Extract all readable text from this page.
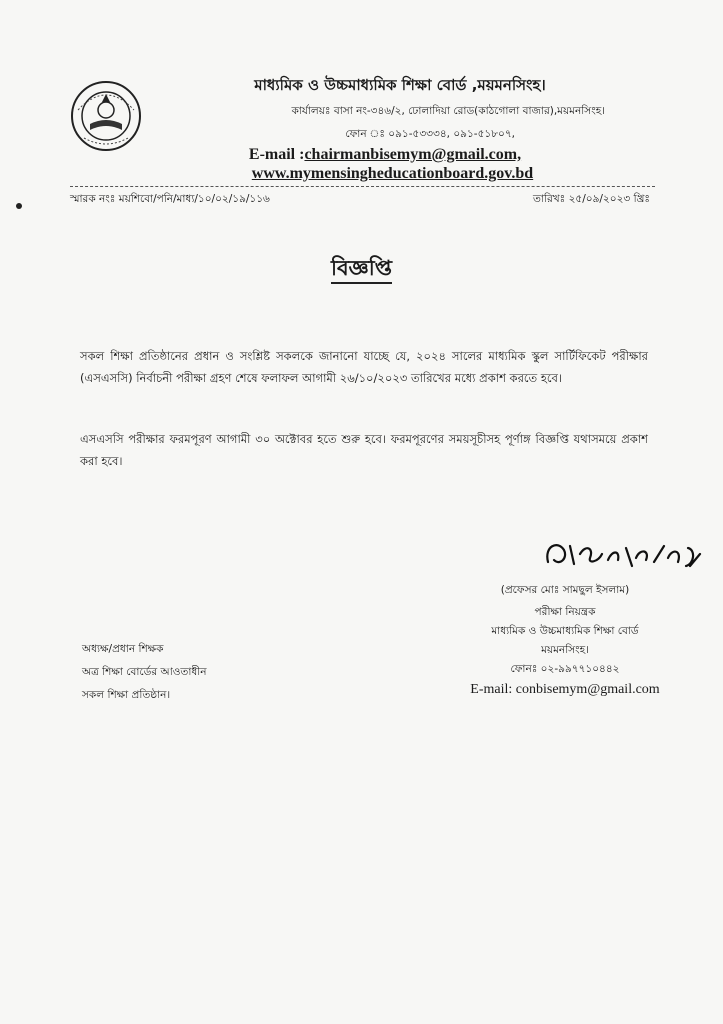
মাধ্যমিক ও উচ্চমাধ্যমিক শিক্ষা বোর্ড ,ময়মনসিংহ।
কার্যালয়ঃ বাসা নং-৩৪৬/২, ঢোলাদিয়া রোড(কাঠগোলা বাজার),ময়মনসিংহ।
ফোন ঃ ০৯১-৫৩৩৩৪, ০৯১-৫১৮০৭,
E-mail :chairmanbisemym@gmail.com,
www.mymensingheducationboard.gov.bd
স্মারক নংঃ ময়শিবো/পনি/মাধ্য/১০/০২/১৯/১১৬	তারিখঃ ২৫/০৯/২০২৩ খ্রিঃ
বিজ্ঞপ্তি
সকল শিক্ষা প্রতিষ্ঠানের প্রধান ও সংশ্লিষ্ট সকলকে জানানো যাচ্ছে যে, ২০২৪ সালের মাধ্যমিক স্কুল সার্টিফিকেট পরীক্ষার (এসএসসি) নির্বাচনী পরীক্ষা গ্রহণ শেষে ফলাফল আগামী ২৬/১০/২০২৩ তারিখের মধ্যে প্রকাশ করতে হবে।
এসএসসি পরীক্ষার ফরমপূরণ আগামী ৩০ অক্টোবর হতে শুরু হবে। ফরমপূরণের সময়সূচীসহ পূর্ণাঙ্গ বিজ্ঞপ্তি যথাসময়ে প্রকাশ করা হবে।
(প্রফেসর মোঃ সামছুল ইসলাম)
পরীক্ষা নিয়ন্ত্রক
মাধ্যমিক ও উচ্চমাধ্যমিক শিক্ষা বোর্ড
ময়মনসিংহ।
ফোনঃ ০২-৯৯৭৭১০৪৪২
E-mail: conbisemym@gmail.com
অধ্যক্ষ/প্রধান শিক্ষক
অত্র শিক্ষা বোর্ডের আওতাধীন
সকল শিক্ষা প্রতিষ্ঠান।
